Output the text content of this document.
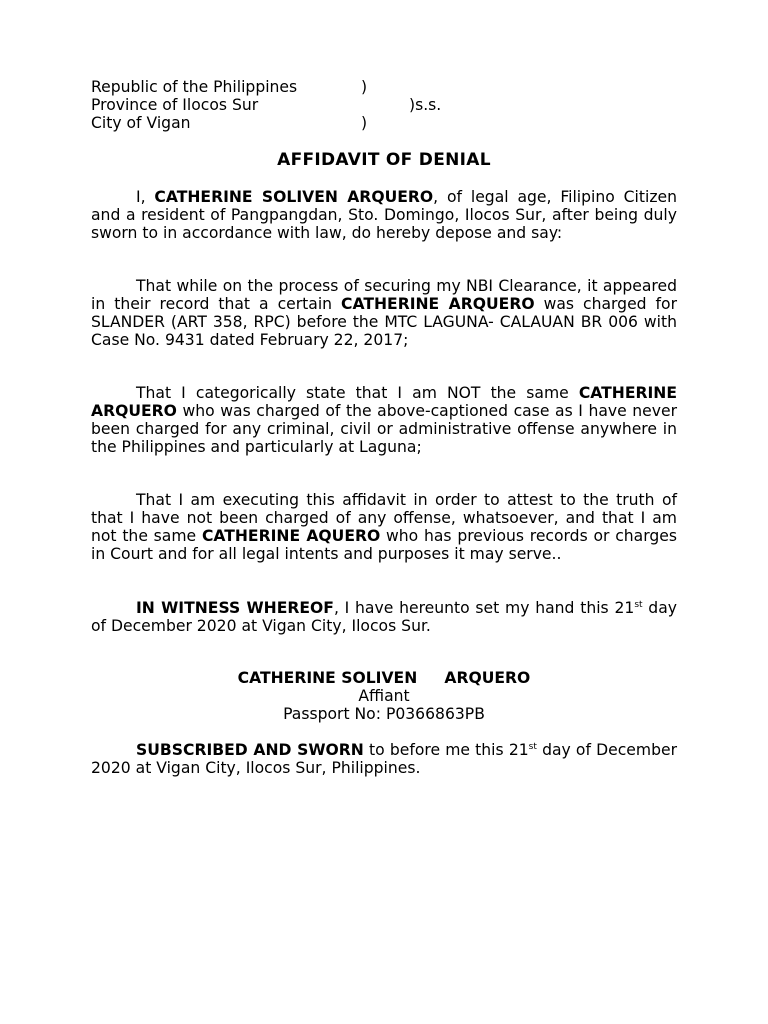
Republic of the Philippines	)
Province of Ilocos Sur	)s.s.
City of Vigan	)
AFFIDAVIT OF DENIAL
I, CATHERINE SOLIVEN ARQUERO, of legal age, Filipino Citizen and a resident of Pangpangdan, Sto. Domingo, Ilocos Sur, after being duly sworn to in accordance with law, do hereby depose and say:
That while on the process of securing my NBI Clearance, it appeared in their record that a certain CATHERINE ARQUERO was charged for SLANDER (ART 358, RPC) before the MTC LAGUNA- CALAUAN BR 006 with Case No. 9431 dated February 22, 2017;
That I categorically state that I am NOT the same CATHERINE ARQUERO who was charged of the above-captioned case as I have never been charged for any criminal, civil or administrative offense anywhere in the Philippines and particularly at Laguna;
That I am executing this affidavit in order to attest to the truth of that I have not been charged of any offense, whatsoever, and that I am not the same CATHERINE AQUERO who has previous records or charges in Court and for all legal intents and purposes it may serve..
IN WITNESS WHEREOF, I have hereunto set my hand this 21st day of December 2020 at Vigan City, Ilocos Sur.
CATHERINE SOLIVEN     ARQUERO
Affiant
Passport No: P0366863PB
SUBSCRIBED AND SWORN to before me this 21st day of December 2020 at Vigan City, Ilocos Sur, Philippines.
